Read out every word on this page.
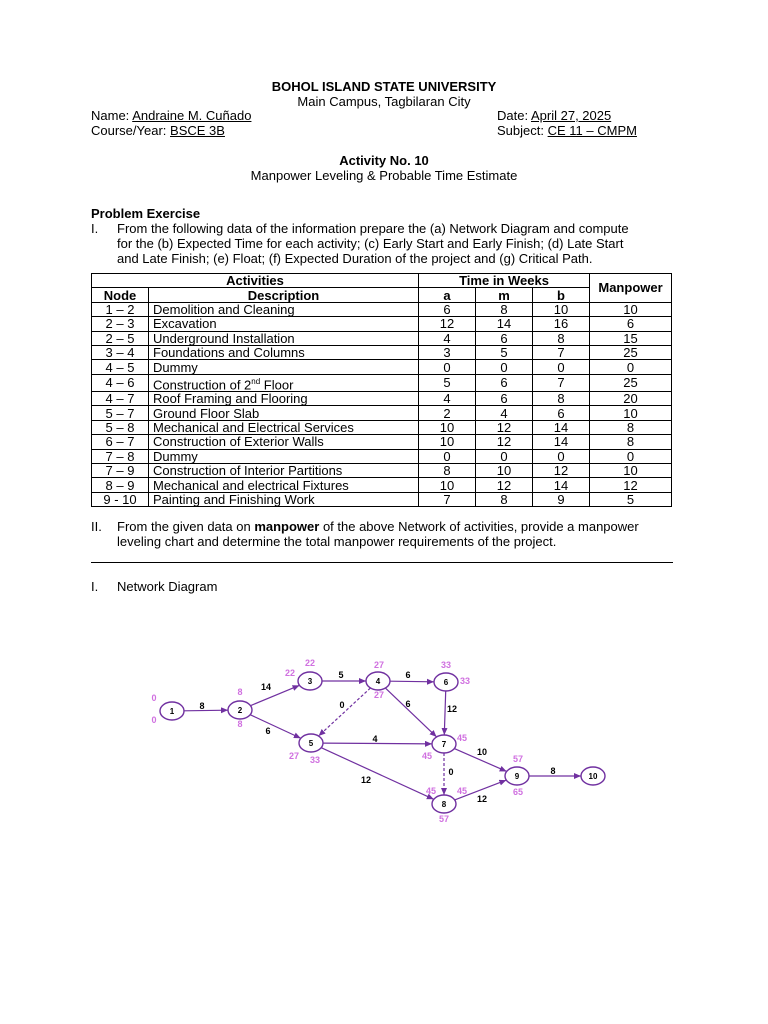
BOHOL ISLAND STATE UNIVERSITY
Main Campus, Tagbilaran City
Name: Andraine M. Cuñado	Date: April 27, 2025
Course/Year: BSCE 3B	Subject: CE 11 – CMPM
Activity No. 10
Manpower Leveling & Probable Time Estimate
Problem Exercise
I. From the following data of the information prepare the (a) Network Diagram and compute
for the (b) Expected Time for each activity; (c) Early Start and Early Finish; (d) Late Start
and Late Finish; (e) Float; (f) Expected Duration of the project and (g) Critical Path.
Activities		Time in Weeks			Manpower
Node	Description	a	m	b	
1 – 2	Demolition and Cleaning	6	8	10	10
2 – 3	Excavation	12	14	16	6
2 – 5	Underground Installation	4	6	8	15
3 – 4	Foundations and Columns	3	5	7	25
4 – 5	Dummy	0	0	0	0
4 – 6	Construction of 2nd Floor	5	6	7	25
4 – 7	Roof Framing and Flooring	4	6	8	20
5 – 7	Ground Floor Slab	2	4	6	10
5 – 8	Mechanical and Electrical Services	10	12	14	8
6 – 7	Construction of Exterior Walls	10	12	14	8
7 – 8	Dummy	0	0	0	0
7 – 9	Construction of Interior Partitions	8	10	12	10
8 – 9	Mechanical and electrical Fixtures	10	12	14	12
9 - 10	Painting and Finishing Work	7	8	9	5
II. From the given data on manpower of the above Network of activities, provide a manpower
leveling chart and determine the total manpower requirements of the project.
I. Network Diagram
1	2
3	4
5
6
7
8
9	10
8
14
6
5	6
6
0
4
12
12
10
0
12
8
0
0
8
8
22
22
27
27
33
33
27 33
45
45
45 45
57
57
65
